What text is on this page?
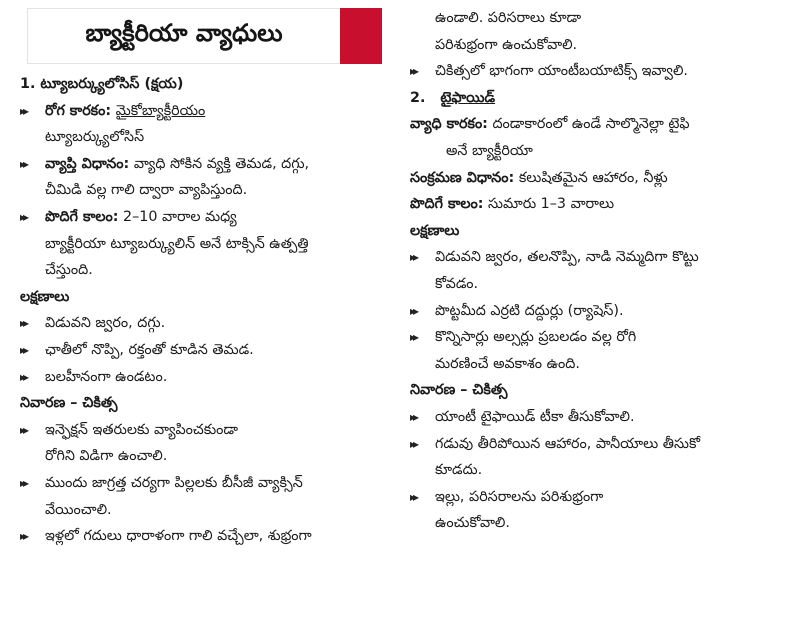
బ్యాక్టీరియా వ్యాధులు
1. ట్యూబర్క్యులోసిస్ (క్షయ)
▸▸	రోగ కారకం: మైకోబ్యాక్టీరియం
ట్యూబర్క్యులోసిస్
▸▸	వ్యాప్తి విధానం: వ్యాధి సోకిన వ్యక్తి తెమడ, దగ్గు,
చీమిడి వల్ల గాలి ద్వారా వ్యాపిస్తుంది.
▸▸	పొదిగే కాలం: 2–10 వారాల మధ్య
బ్యాక్టీరియా ట్యూబర్క్యులిన్ అనే టాక్సిన్ ఉత్పత్తి
చేస్తుంది.
లక్షణాలు
▸▸	విడువని జ్వరం, దగ్గు.
▸▸	ఛాతీలో నొప్పి, రక్తంతో కూడిన తెమడ.
▸▸	బలహీనంగా ఉండటం.
నివారణ – చికిత్స
▸▸	ఇన్ఫెక్షన్ ఇతరులకు వ్యాపించకుండా
రోగిని విడిగా ఉంచాలి.
▸▸	ముందు జాగ్రత్త చర్యగా పిల్లలకు బీసీజీ వ్యాక్సిన్
వేయించాలి.
▸▸	ఇళ్లలో గదులు ధారాళంగా గాలి వచ్చేలా, శుభ్రంగా
ఉండాలి. పరిసరాలు కూడా
పరిశుభ్రంగా ఉంచుకోవాలి.
▸▸	చికిత్సలో భాగంగా యాంటీబయాటిక్స్ ఇవ్వాలి.
2.
టైఫాయిడ్
వ్యాధి కారకం: దండాకారంలో ఉండే సాల్మొనెల్లా టైఫి
అనే బ్యాక్టీరియా
సంక్రమణ విధానం: కలుషితమైన ఆహారం, నీళ్లు
పొదిగే కాలం: సుమారు 1–3 వారాలు
లక్షణాలు
▸▸	విడువని జ్వరం, తలనొప్పి, నాడి నెమ్మదిగా కొట్టు
కోవడం.
▸▸	పొట్టమీద ఎర్రటి దద్దుర్లు (ర్యాషెస్).
▸▸	కొన్నిసార్లు అల్సర్లు ప్రబలడం వల్ల రోగి
మరణించే అవకాశం ఉంది.
నివారణ – చికిత్స
▸▸	యాంటీ టైఫాయిడ్ టీకా తీసుకోవాలి.
▸▸	గడువు తీరిపోయిన ఆహారం, పానీయాలు తీసుకో
కూడదు.
▸▸	ఇల్లు, పరిసరాలను పరిశుభ్రంగా
ఉంచుకోవాలి.
